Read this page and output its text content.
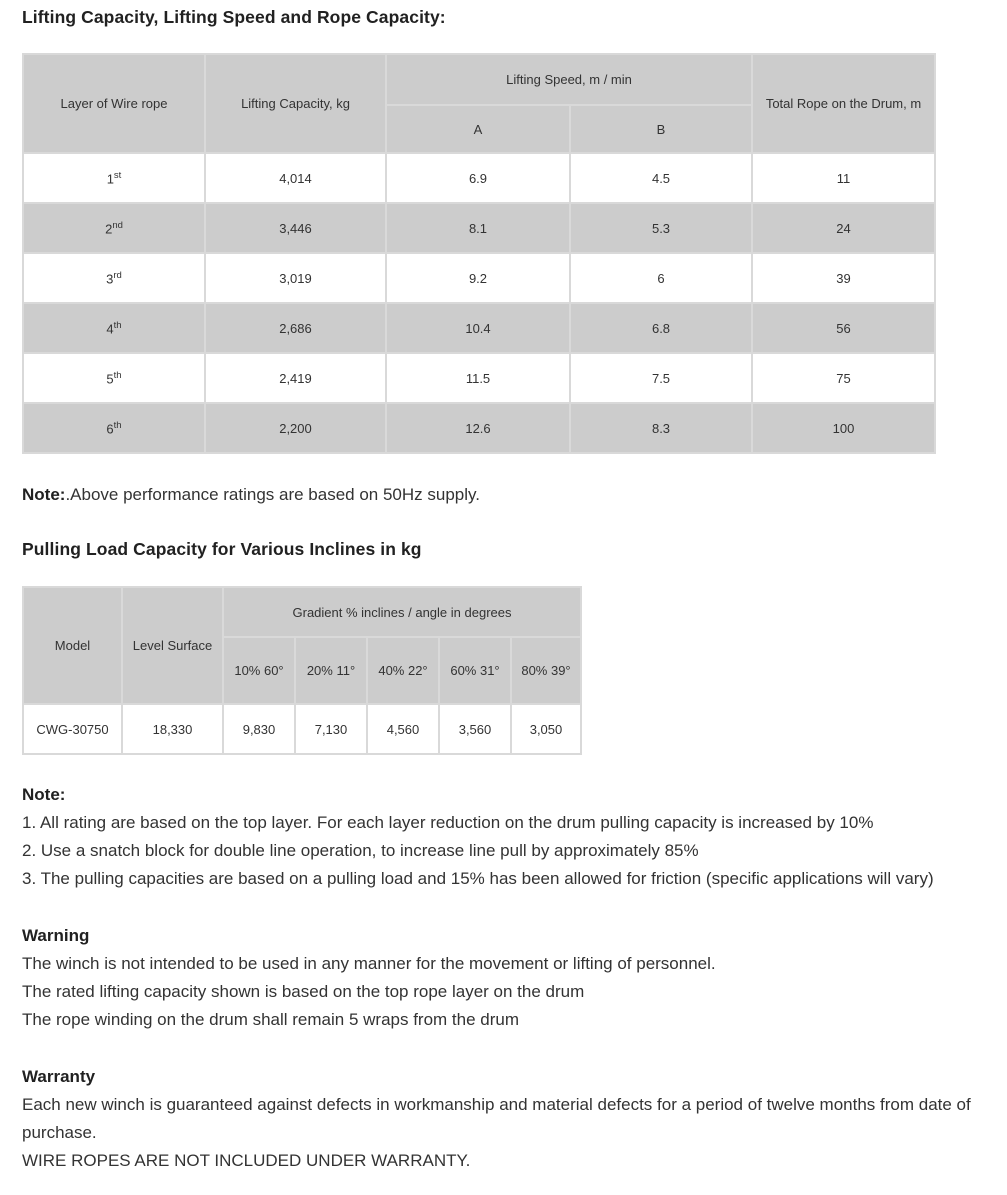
Lifting Capacity, Lifting Speed and Rope Capacity:
Layer of Wire rope	Lifting Capacity, kg	Lifting Speed, m / min		Total Rope on the Drum, m
		A	B	
1st	4,014	6.9	4.5	11
2nd	3,446	8.1	5.3	24
3rd	3,019	9.2	6	39
4th	2,686	10.4	6.8	56
5th	2,419	11.5	7.5	75
6th	2,200	12.6	8.3	100

Note:.Above performance ratings are based on 50Hz supply.

Pulling Load Capacity for Various Inclines in kg
Model	Level Surface	Gradient % inclines / angle in degrees				
		10% 60°	20% 11°	40% 22°	60% 31°	80% 39°
CWG-30750	18,330	9,830	7,130	4,560	3,560	3,050

Note:

1. All rating are based on the top layer. For each layer reduction on the drum pulling capacity is increased by 10%

2. Use a snatch block for double line operation, to increase line pull by approximately 85%

3. The pulling capacities are based on a pulling load and 15% has been allowed for friction (specific applications will vary)

Warning

The winch is not intended to be used in any manner for the movement or lifting of personnel.

The rated lifting capacity shown is based on the top rope layer on the drum

The rope winding on the drum shall remain 5 wraps from the drum

Warranty

Each new winch is guaranteed against defects in workmanship and material defects for a period of twelve months from date of purchase.

WIRE ROPES ARE NOT INCLUDED UNDER WARRANTY.
